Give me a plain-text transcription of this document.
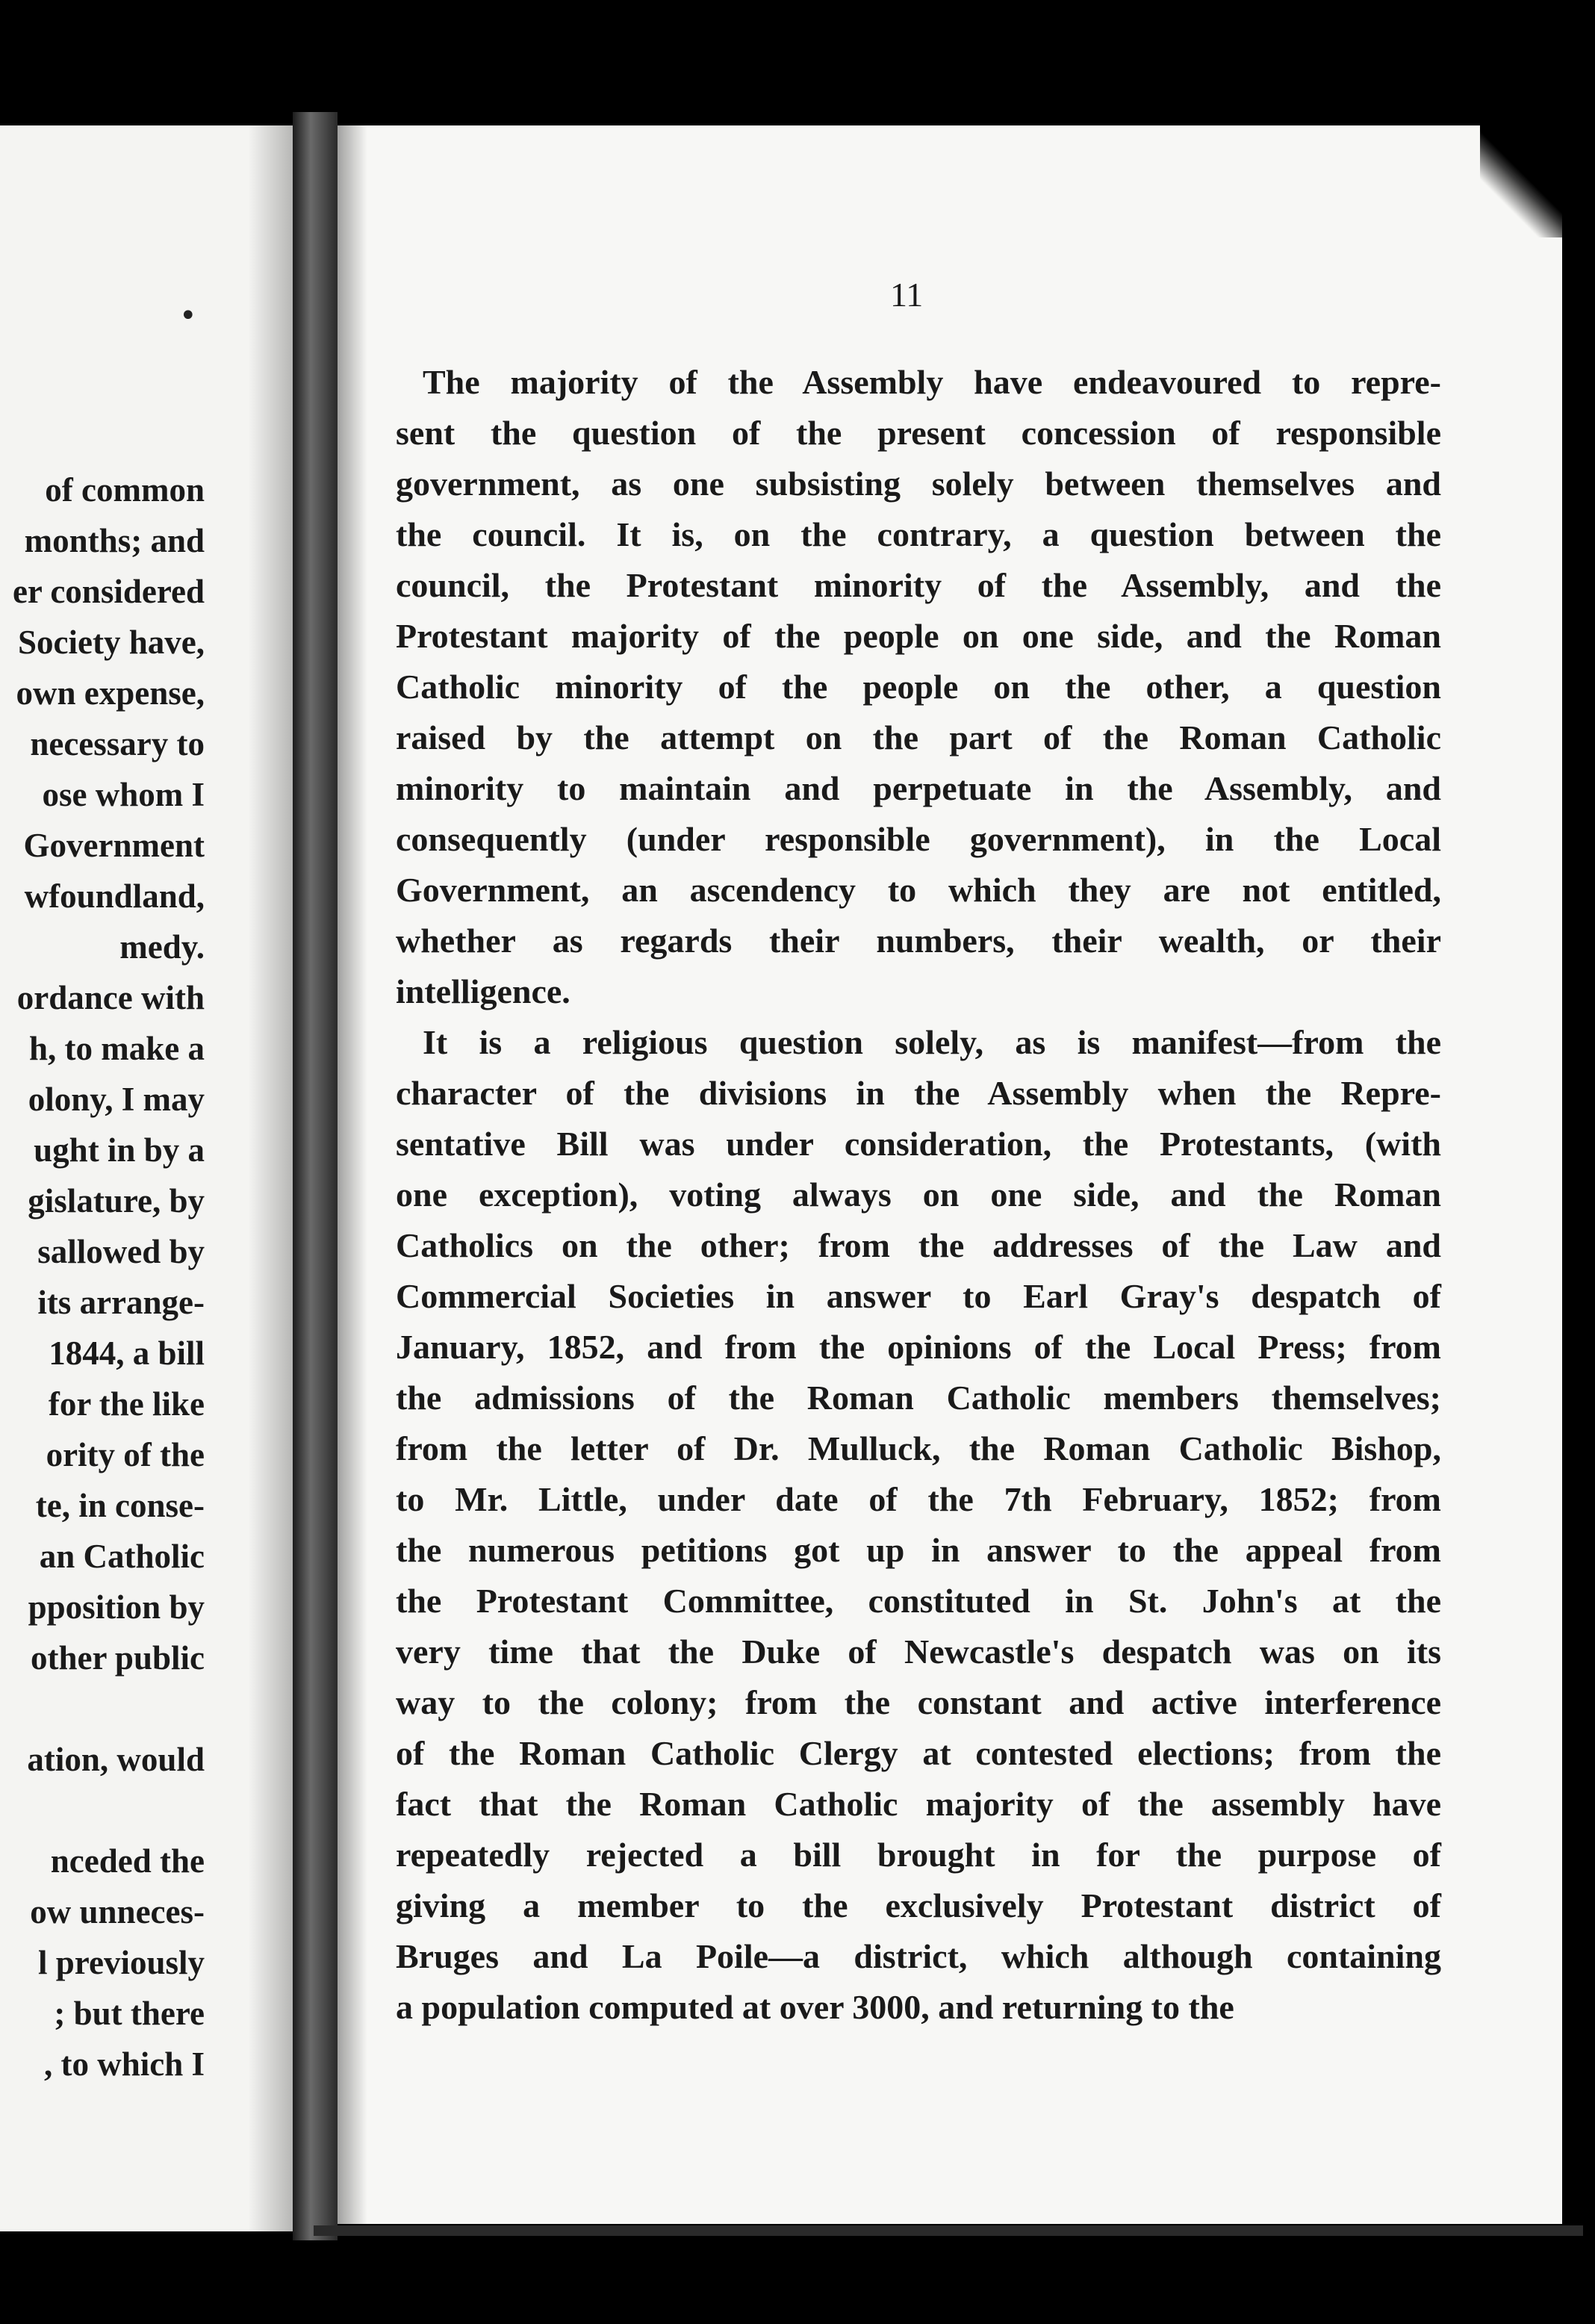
•
of common
months; and
er considered
Society have,
own expense,
necessary to
ose whom I
Government
wfoundland,
medy.
ordance with
h, to make a
olony, I may
ught in by a
gislature, by
sallowed by
its arrange-
1844, a bill
for the like
ority of the
te, in conse-
an Catholic
pposition by
other public
ation, would
nceded the
ow unneces-
l previously
; but there
, to which I
11
The majority of the Assembly have endeavoured to repre-
sent the question of the present concession of responsible
government, as one subsisting solely between themselves and
the council. It is, on the contrary, a question between the
council, the Protestant minority of the Assembly, and the
Protestant majority of the people on one side, and the Roman
Catholic minority of the people on the other, a question
raised by the attempt on the part of the Roman Catholic
minority to maintain and perpetuate in the Assembly, and
consequently (under responsible government), in the Local
Government, an ascendency to which they are not entitled,
whether as regards their numbers, their wealth, or their
intelligence.
It is a religious question solely, as is manifest—from the
character of the divisions in the Assembly when the Repre-
sentative Bill was under consideration, the Protestants, (with
one exception), voting always on one side, and the Roman
Catholics on the other; from the addresses of the Law and
Commercial Societies in answer to Earl Gray's despatch of
January, 1852, and from the opinions of the Local Press; from
the admissions of the Roman Catholic members themselves;
from the letter of Dr. Mulluck, the Roman Catholic Bishop,
to Mr. Little, under date of the 7th February, 1852; from
the numerous petitions got up in answer to the appeal from
the Protestant Committee, constituted in St. John's at the
very time that the Duke of Newcastle's despatch was on its
way to the colony; from the constant and active interference
of the Roman Catholic Clergy at contested elections; from the
fact that the Roman Catholic majority of the assembly have
repeatedly rejected a bill brought in for the purpose of
giving a member to the exclusively Protestant district of
Bruges and La Poile—a district, which although containing
a population computed at over 3000, and returning to the
